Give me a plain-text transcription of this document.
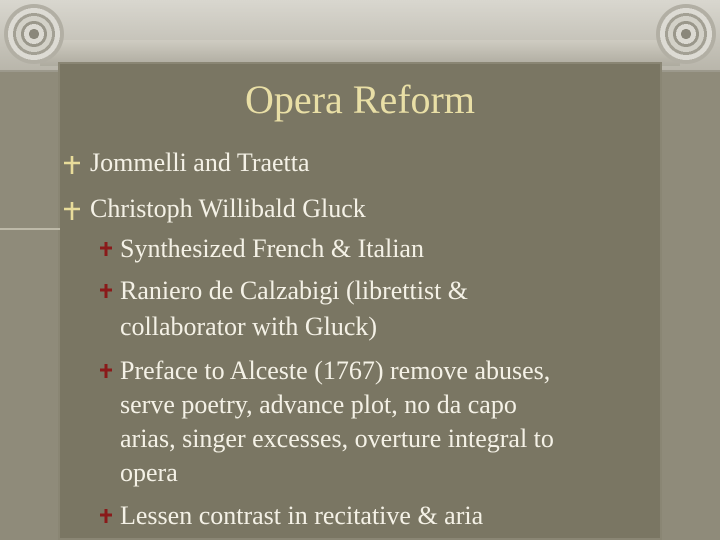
Opera Reform
Jommelli and Traetta
Christoph Willibald Gluck
Synthesized French & Italian
Raniero de Calzabigi (librettist &
collaborator with Gluck)
Preface to Alceste (1767) remove abuses,
serve poetry, advance plot, no da capo
arias, singer excesses, overture integral to
opera
Lessen contrast in recitative & aria
